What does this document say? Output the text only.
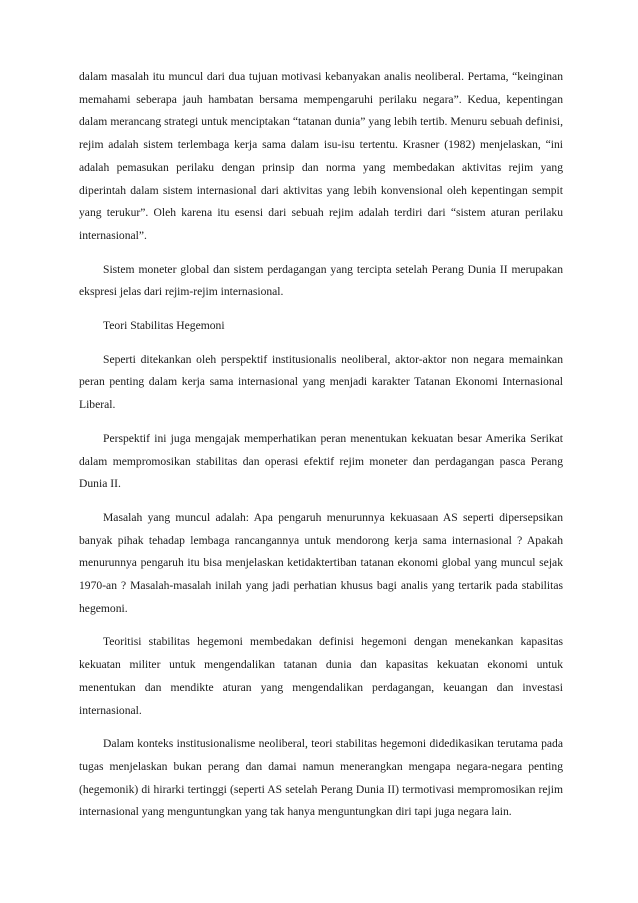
dalam masalah itu muncul dari dua tujuan motivasi kebanyakan analis neoliberal. Pertama, “keinginan memahami seberapa jauh hambatan bersama mempengaruhi perilaku negara”. Kedua, kepentingan dalam merancang strategi untuk menciptakan “tatanan dunia” yang lebih tertib. Menuru sebuah definisi, rejim adalah sistem terlembaga kerja sama dalam isu-isu tertentu. Krasner (1982) menjelaskan, “ini adalah pemasukan perilaku dengan prinsip dan norma yang membedakan aktivitas rejim yang diperintah dalam sistem internasional dari aktivitas yang lebih konvensional oleh kepentingan sempit yang terukur”. Oleh karena itu esensi dari sebuah rejim adalah terdiri dari “sistem aturan perilaku internasional”.

Sistem moneter global dan sistem perdagangan yang tercipta setelah Perang Dunia II merupakan ekspresi jelas dari rejim-rejim internasional.

Teori Stabilitas Hegemoni

Seperti ditekankan oleh perspektif institusionalis neoliberal, aktor-aktor non negara memainkan peran penting dalam kerja sama internasional yang menjadi karakter Tatanan Ekonomi Internasional Liberal.

Perspektif ini juga mengajak memperhatikan peran menentukan kekuatan besar Amerika Serikat dalam mempromosikan stabilitas dan operasi efektif rejim moneter dan perdagangan pasca Perang Dunia II.

Masalah yang muncul adalah: Apa pengaruh menurunnya kekuasaan AS seperti dipersepsikan banyak pihak tehadap lembaga rancangannya untuk mendorong kerja sama internasional ? Apakah menurunnya pengaruh itu bisa menjelaskan ketidaktertiban tatanan ekonomi global yang muncul sejak 1970-an ? Masalah-masalah inilah yang jadi perhatian khusus bagi analis yang tertarik pada stabilitas hegemoni.

Teoritisi stabilitas hegemoni membedakan definisi hegemoni dengan menekankan kapasitas kekuatan militer untuk mengendalikan tatanan dunia dan kapasitas kekuatan ekonomi untuk menentukan dan mendikte aturan yang mengendalikan perdagangan, keuangan dan investasi internasional.

Dalam konteks institusionalisme neoliberal, teori stabilitas hegemoni didedikasikan terutama pada tugas menjelaskan bukan perang dan damai namun menerangkan mengapa negara-negara penting (hegemonik) di hirarki tertinggi (seperti AS setelah Perang Dunia II) termotivasi mempromosikan rejim internasional yang menguntungkan yang tak hanya menguntungkan diri tapi juga negara lain.
